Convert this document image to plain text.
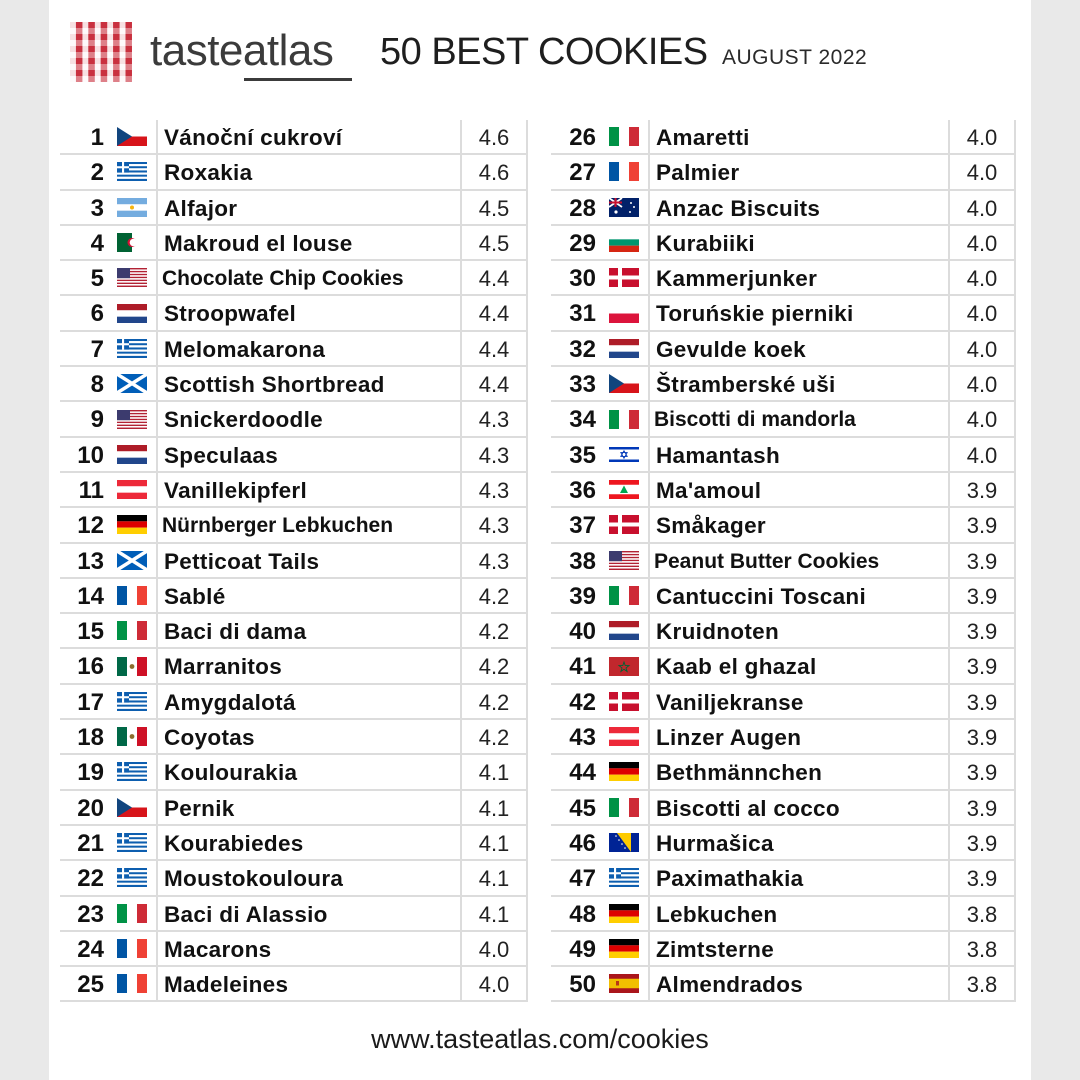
tasteatlas 50 BEST COOKIES AUGUST 2022
1	Vánoční cukroví	4.6
2	Roxakia	4.6
3	Alfajor	4.5
4	Makroud el louse	4.5
5	Chocolate Chip Cookies	4.4
6	Stroopwafel	4.4
7	Melomakarona	4.4
8	Scottish Shortbread	4.4
9	Snickerdoodle	4.3
10	Speculaas	4.3
11	Vanillekipferl	4.3
12	Nürnberger Lebkuchen	4.3
13	Petticoat Tails	4.3
14	Sablé	4.2
15	Baci di dama	4.2
16	Marranitos	4.2
17	Amygdalotá	4.2
18	Coyotas	4.2
19	Koulourakia	4.1
20	Pernik	4.1
21	Kourabiedes	4.1
22	Moustokouloura	4.1
23	Baci di Alassio	4.1
24	Macarons	4.0
25	Madeleines	4.0
26	Amaretti	4.0
27	Palmier	4.0
28	Anzac Biscuits	4.0
29	Kurabiiki	4.0
30	Kammerjunker	4.0
31	Toruńskie pierniki	4.0
32	Gevulde koek	4.0
33	Štramberské uši	4.0
34	Biscotti di mandorla	4.0
35	Hamantash	4.0
36	Ma'amoul	3.9
37	Småkager	3.9
38	Peanut Butter Cookies	3.9
39	Cantuccini Toscani	3.9
40	Kruidnoten	3.9
41	Kaab el ghazal	3.9
42	Vaniljekranse	3.9
43	Linzer Augen	3.9
44	Bethmännchen	3.9
45	Biscotti al cocco	3.9
46	Hurmašica	3.9
47	Paximathakia	3.9
48	Lebkuchen	3.8
49	Zimtsterne	3.8
50	Almendrados	3.8
www.tasteatlas.com/cookies
